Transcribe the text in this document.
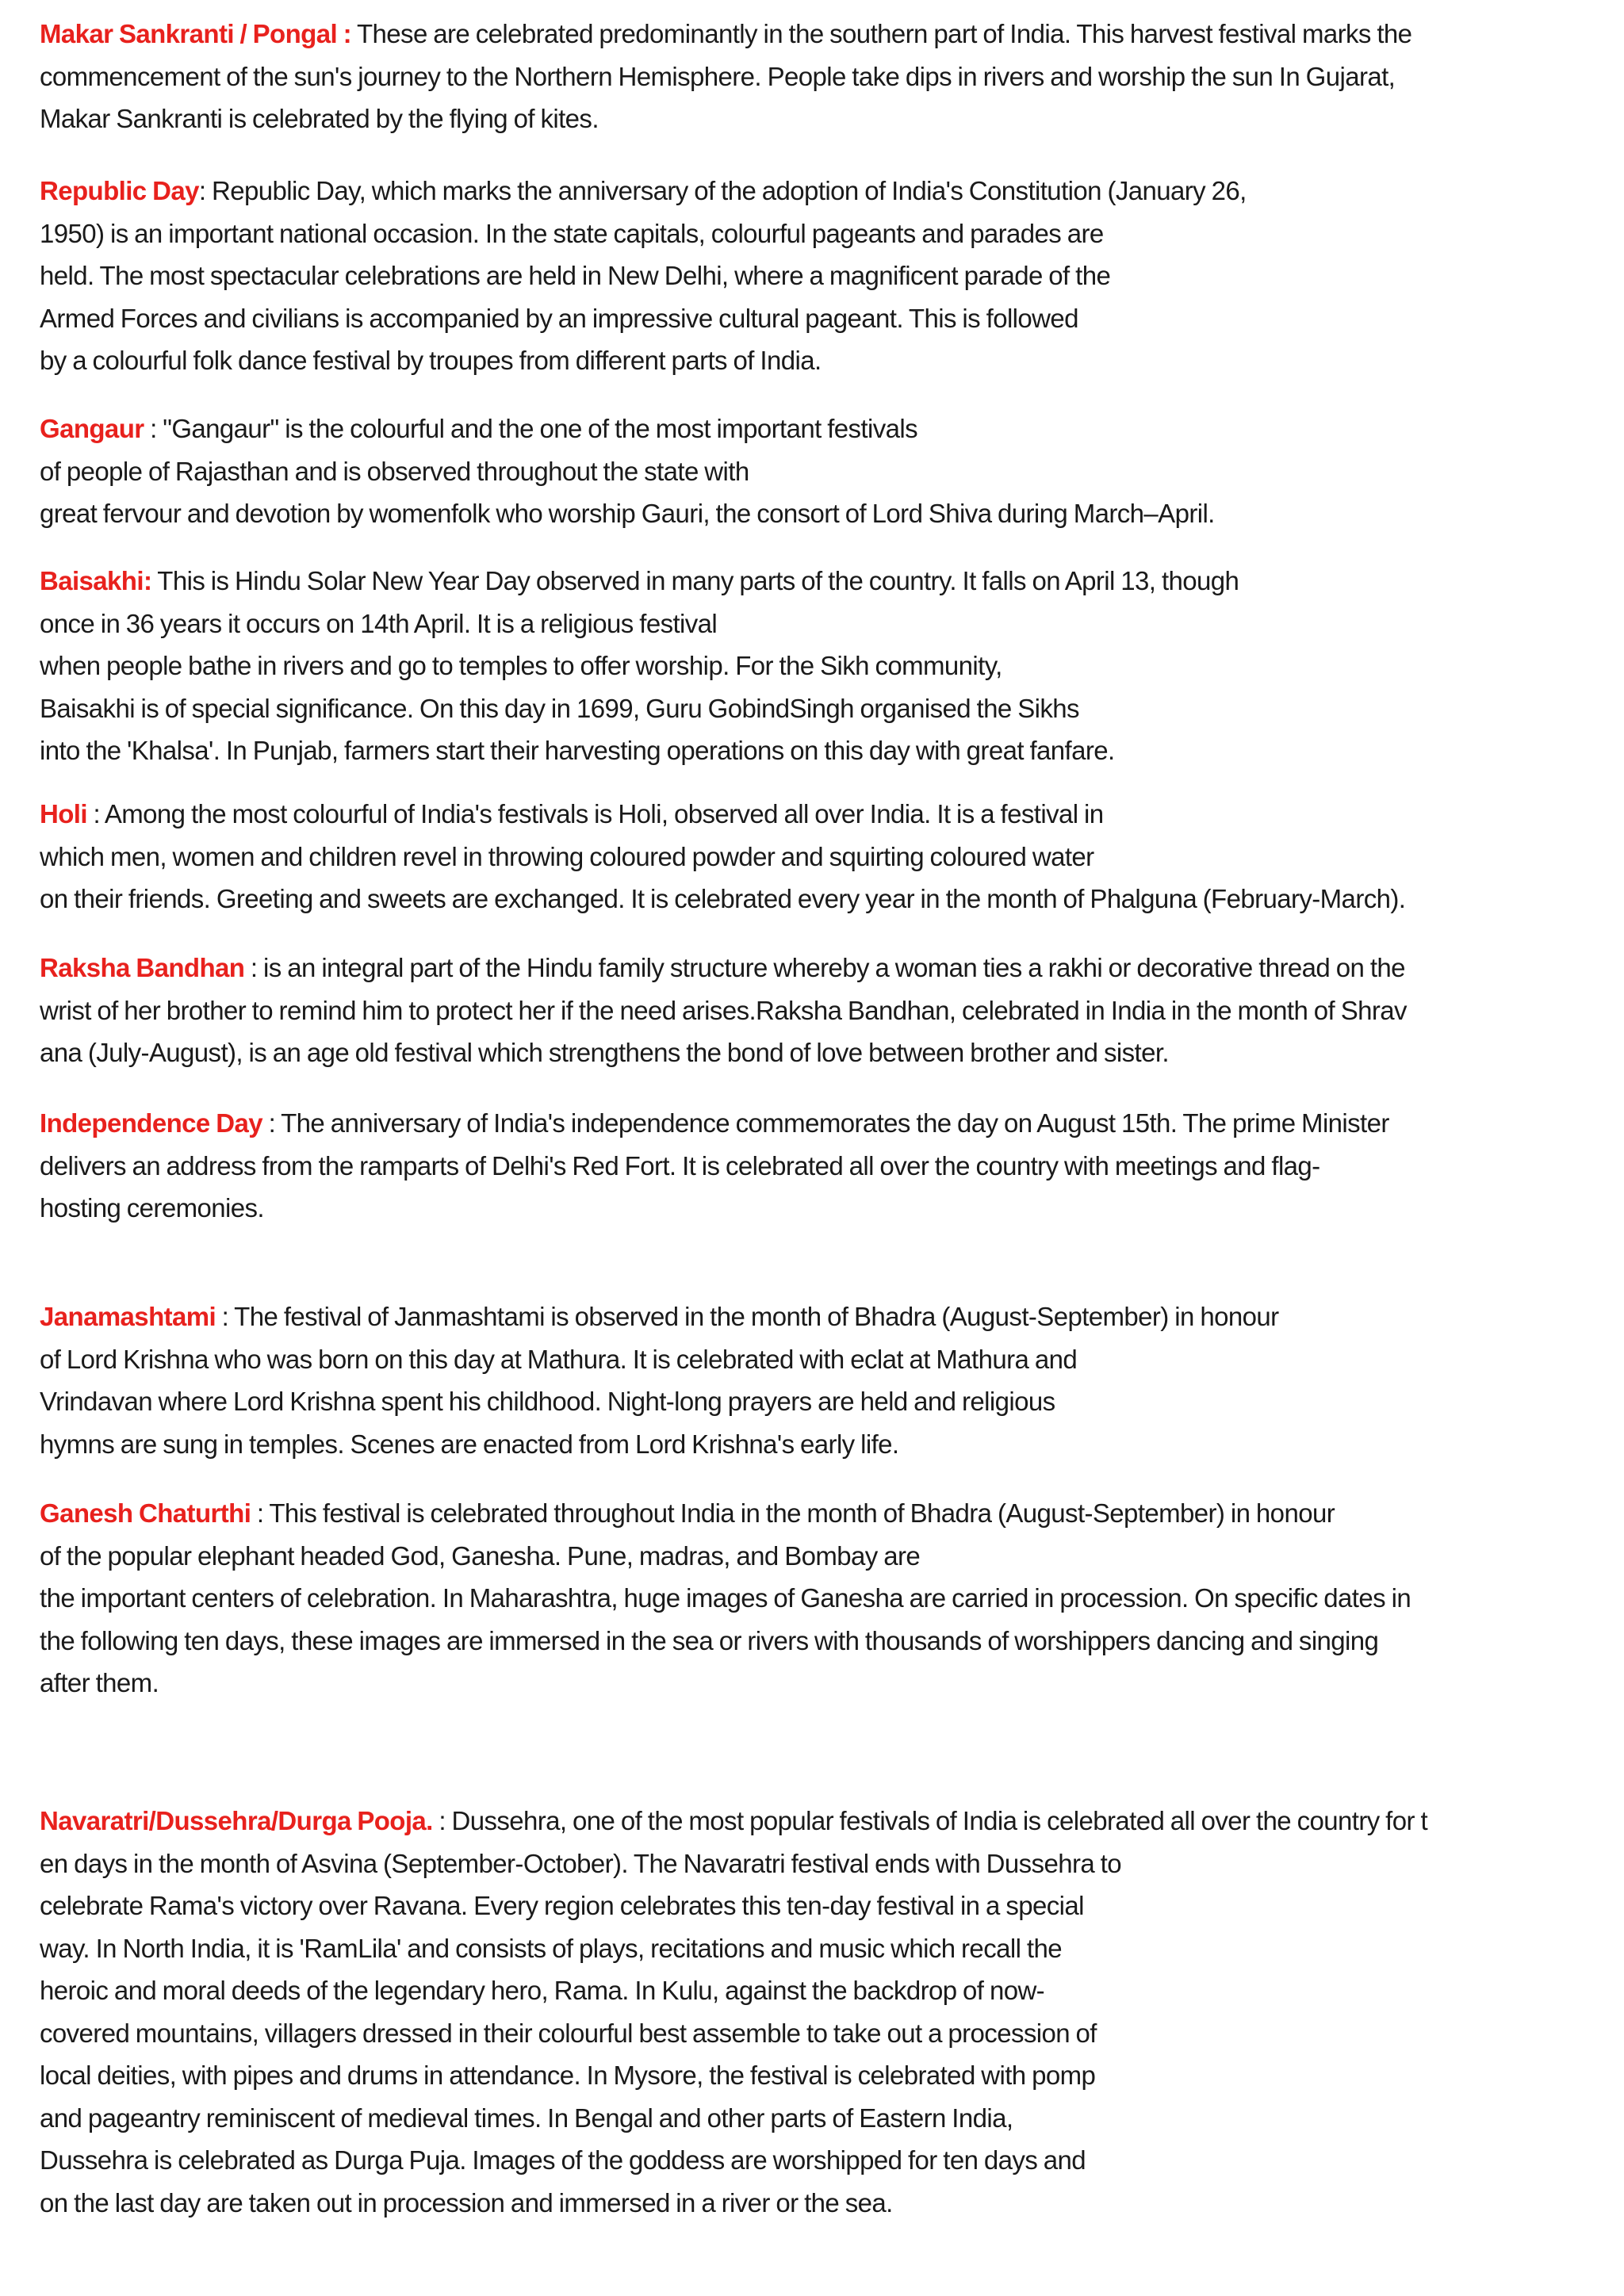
Makar Sankranti / Pongal : These are celebrated predominantly in the southern part of India. This harvest festival marks the
commencement of the sun's journey to the Northern Hemisphere. People take dips in rivers and worship the sun In Gujarat,
Makar Sankranti is celebrated by the flying of kites.
Republic Day: Republic Day, which marks the anniversary of the adoption of India's Constitution (January 26,
1950) is an important national occasion. In the state capitals, colourful pageants and parades are
held. The most spectacular celebrations are held in New Delhi, where a magnificent parade of the
Armed Forces and civilians is accompanied by an impressive cultural pageant. This is followed
by a colourful folk dance festival by troupes from different parts of India.
Gangaur : "Gangaur" is the colourful and the one of the most important festivals
of people of Rajasthan and is observed throughout the state with
great fervour and devotion by womenfolk who worship Gauri, the consort of Lord Shiva during March–April.
Baisakhi: This is Hindu Solar New Year Day observed in many parts of the country. It falls on April 13, though
once in 36 years it occurs on 14th April. It is a religious festival
when people bathe in rivers and go to temples to offer worship. For the Sikh community,
Baisakhi is of special significance. On this day in 1699, Guru GobindSingh organised the Sikhs
into the 'Khalsa'. In Punjab, farmers start their harvesting operations on this day with great fanfare.
Holi : Among the most colourful of India's festivals is Holi, observed all over India. It is a festival in
which men, women and children revel in throwing coloured powder and squirting coloured water
on their friends. Greeting and sweets are exchanged. It is celebrated every year in the month of Phalguna (February-March).
Raksha Bandhan : is an integral part of the Hindu family structure whereby a woman ties a rakhi or decorative thread on the
wrist of her brother to remind him to protect her if the need arises.Raksha Bandhan, celebrated in India in the month of Shrav
ana (July-August), is an age old festival which strengthens the bond of love between brother and sister.
Independence Day : The anniversary of India's independence commemorates the day on August 15th. The prime Minister
delivers an address from the ramparts of Delhi's Red Fort. It is celebrated all over the country with meetings and flag-
hosting ceremonies.
Janamashtami : The festival of Janmashtami is observed in the month of Bhadra (August-September) in honour
of Lord Krishna who was born on this day at Mathura. It is celebrated with eclat at Mathura and
Vrindavan where Lord Krishna spent his childhood. Night-long prayers are held and religious
hymns are sung in temples. Scenes are enacted from Lord Krishna's early life.
Ganesh Chaturthi : This festival is celebrated throughout India in the month of Bhadra (August-September) in honour
of the popular elephant headed God, Ganesha. Pune, madras, and Bombay are
the important centers of celebration. In Maharashtra, huge images of Ganesha are carried in procession. On specific dates in
the following ten days, these images are immersed in the sea or rivers with thousands of worshippers dancing and singing
after them.
Navaratri/Dussehra/Durga Pooja. : Dussehra, one of the most popular festivals of India is celebrated all over the country for t
en days in the month of Asvina (September-October). The Navaratri festival ends with Dussehra to
celebrate Rama's victory over Ravana. Every region celebrates this ten-day festival in a special
way. In North India, it is 'RamLila' and consists of plays, recitations and music which recall the
heroic and moral deeds of the legendary hero, Rama. In Kulu, against the backdrop of now-
covered mountains, villagers dressed in their colourful best assemble to take out a procession of
local deities, with pipes and drums in attendance. In Mysore, the festival is celebrated with pomp
and pageantry reminiscent of medieval times. In Bengal and other parts of Eastern India,
Dussehra is celebrated as Durga Puja. Images of the goddess are worshipped for ten days and
on the last day are taken out in procession and immersed in a river or the sea.
